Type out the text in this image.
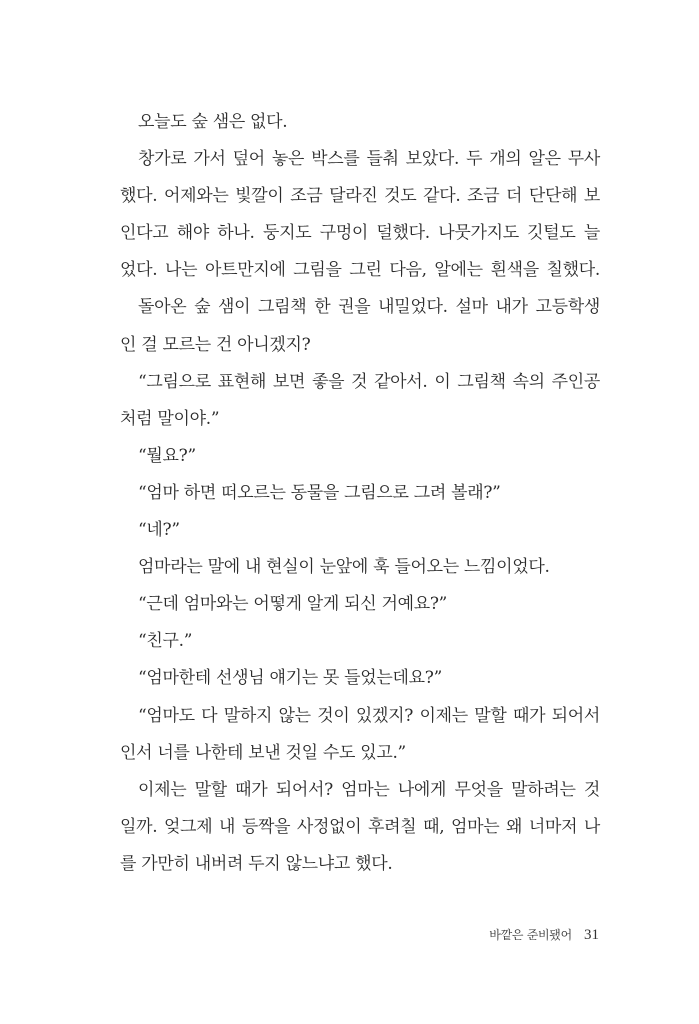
오늘도 숲 샘은 없다.
창가로 가서 덮어 놓은 박스를 들춰 보았다. 두 개의 알은 무사
했다. 어제와는 빛깔이 조금 달라진 것도 같다. 조금 더 단단해 보
인다고 해야 하나. 둥지도 구멍이 덜했다. 나뭇가지도 깃털도 늘
었다. 나는 아트만지에 그림을 그린 다음, 알에는 흰색을 칠했다.
돌아온 숲 샘이 그림책 한 권을 내밀었다. 설마 내가 고등학생
인 걸 모르는 건 아니겠지?
“그림으로 표현해 보면 좋을 것 같아서. 이 그림책 속의 주인공
처럼 말이야.”
“뭘요?”
“엄마 하면 떠오르는 동물을 그림으로 그려 볼래?”
“네?”
엄마라는 말에 내 현실이 눈앞에 훅 들어오는 느낌이었다.
“근데 엄마와는 어떻게 알게 되신 거예요?”
“친구.”
“엄마한테 선생님 얘기는 못 들었는데요?”
“엄마도 다 말하지 않는 것이 있겠지? 이제는 말할 때가 되어서
인서 너를 나한테 보낸 것일 수도 있고.”
이제는 말할 때가 되어서? 엄마는 나에게 무엇을 말하려는 것
일까. 엊그제 내 등짝을 사정없이 후려칠 때, 엄마는 왜 너마저 나
를 가만히 내버려 두지 않느냐고 했다.
바깥은 준비됐어 31
